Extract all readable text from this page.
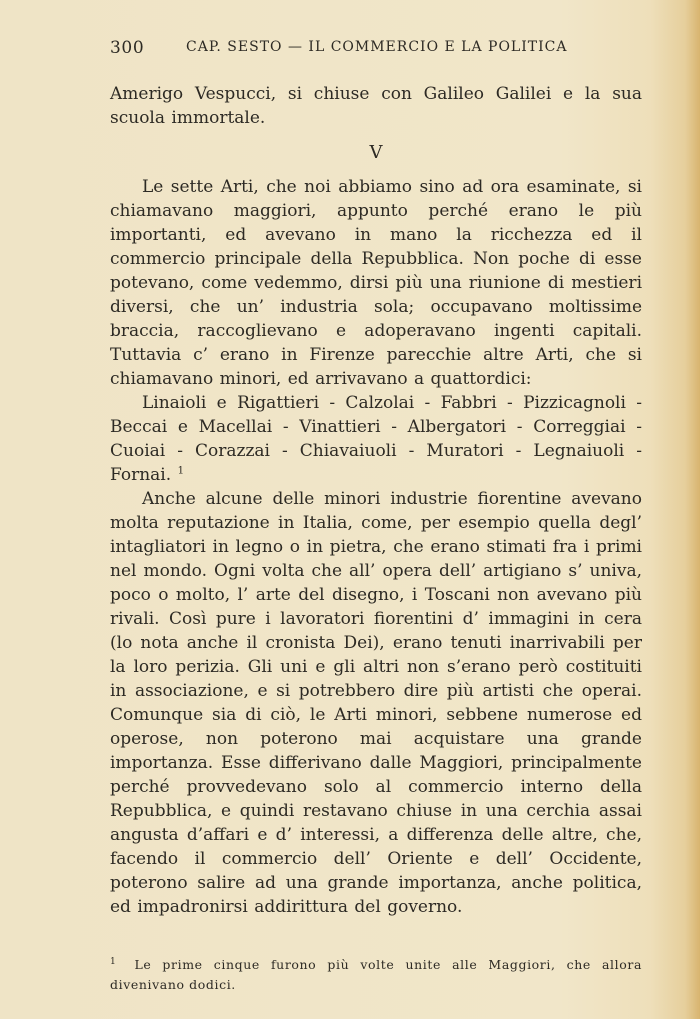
300	CAP. SESTO — IL COMMERCIO E LA POLITICA

Amerigo Vespucci, si chiuse con Galileo Galilei e la sua scuola immortale.

V

Le sette Arti, che noi abbiamo sino ad ora esaminate, si chiamavano maggiori, appunto perché erano le più importanti, ed avevano in mano la ricchezza ed il commercio principale della Repubblica. Non poche di esse potevano, come vedemmo, dirsi più una riunione di mestieri diversi, che un’ industria sola; occupavano moltissime braccia, raccoglievano e adoperavano ingenti capitali. Tuttavia c’ erano in Firenze parecchie altre Arti, che si chiamavano minori, ed arrivavano a quattordici:

Linaioli e Rigattieri - Calzolai - Fabbri - Pizzicagnoli - Beccai e Macellai - Vinattieri - Albergatori - Correggiai - Cuoiai - Corazzai - Chiavaiuoli - Muratori - Legnaiuoli - Fornai. $^1$

Anche alcune delle minori industrie fiorentine avevano molta reputazione in Italia, come, per esempio quella degl’ intagliatori in legno o in pietra, che erano stimati fra i primi nel mondo. Ogni volta che all’ opera dell’ artigiano s’ univa, poco o molto, l’ arte del disegno, i Toscani non avevano più rivali. Così pure i lavoratori fiorentini d’ immagini in cera (lo nota anche il cronista Dei), erano tenuti inarrivabili per la loro perizia. Gli uni e gli altri non s’erano però costituiti in associazione, e si potrebbero dire più artisti che operai. Comunque sia di ciò, le Arti minori, sebbene numerose ed operose, non poterono mai acquistare una grande importanza. Esse differivano dalle Maggiori, principalmente perché provvedevano solo al commercio interno della Repubblica, e quindi restavano chiuse in una cerchia assai angusta d’affari e d’ interessi, a differenza delle altre, che, facendo il commercio dell’ Oriente e dell’ Occidente, poterono salire ad una grande importanza, anche politica, ed impadronirsi addirittura del governo.

$^1$ Le prime cinque furono più volte unite alle Maggiori, che allora divenivano dodici.
